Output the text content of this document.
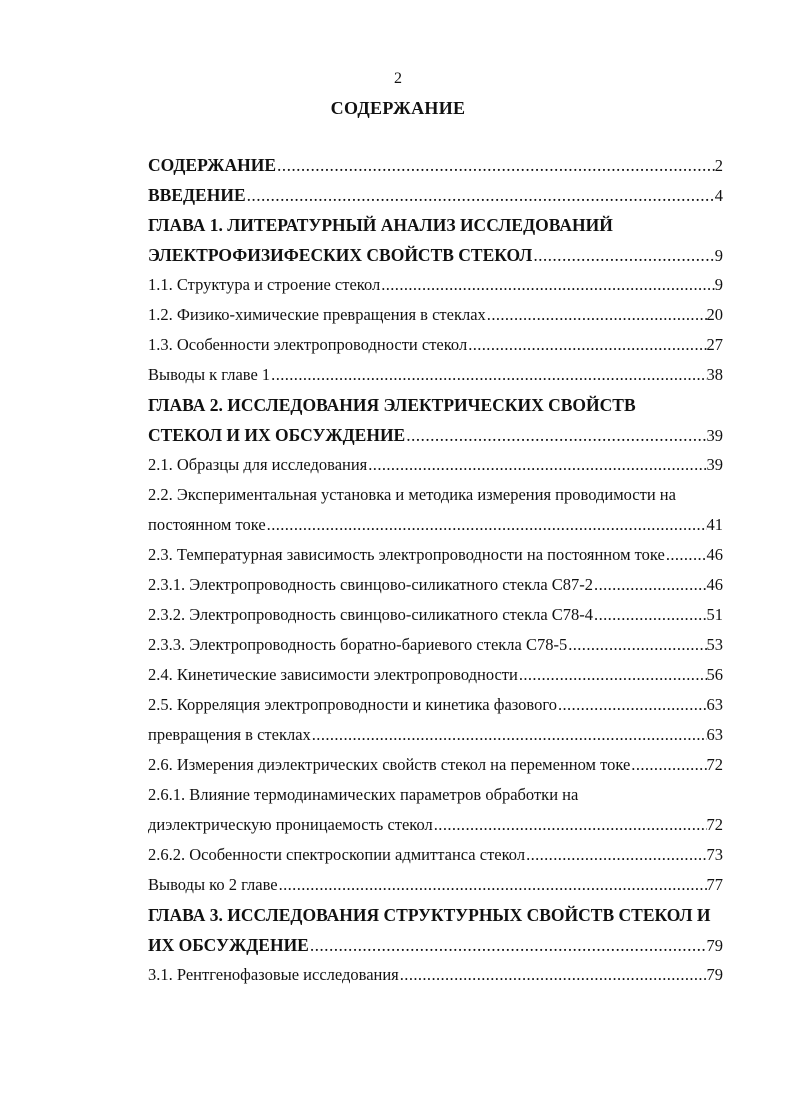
2
СОДЕРЖАНИЕ
СОДЕРЖАНИЕ .....	2
ВВЕДЕНИЕ .....	4
ГЛАВА 1. ЛИТЕРАТУРНЫЙ АНАЛИЗ ИССЛЕДОВАНИЙ
ЭЛЕКТРОФИЗИФЕСКИХ СВОЙСТВ СТЕКОЛ .....	9
1.1. Структура и строение стекол .....	9
1.2. Физико-химические превращения в стеклах .....	20
1.3. Особенности электропроводности стекол .....	27
Выводы к главе 1 .....	38
ГЛАВА 2. ИССЛЕДОВАНИЯ ЭЛЕКТРИЧЕСКИХ СВОЙСТВ
СТЕКОЛ И ИХ ОБСУЖДЕНИЕ .....	39
2.1. Образцы для исследования .....	39
2.2. Экспериментальная установка и методика измерения проводимости на
постоянном токе .....	41
2.3. Температурная зависимость электропроводности на постоянном токе .....	46
2.3.1. Электропроводность свинцово-силикатного стекла С87-2 .....	46
2.3.2. Электропроводность свинцово-силикатного стекла С78-4 .....	51
2.3.3. Электропроводность боратно-бариевого стекла С78-5 .....	53
2.4. Кинетические зависимости электропроводности .....	56
2.5. Корреляция электропроводности и кинетика фазового .....	63
превращения в стеклах .....	63
2.6. Измерения диэлектрических свойств стекол на переменном токе .....	72
2.6.1. Влияние термодинамических параметров обработки на
диэлектрическую проницаемость стекол .....	72
2.6.2. Особенности спектроскопии адмиттанса стекол .....	73
Выводы ко 2 главе .....	77
ГЛАВА 3. ИССЛЕДОВАНИЯ СТРУКТУРНЫХ СВОЙСТВ СТЕКОЛ И
ИХ ОБСУЖДЕНИЕ .....	79
3.1. Рентгенофазовые исследования .....	79
